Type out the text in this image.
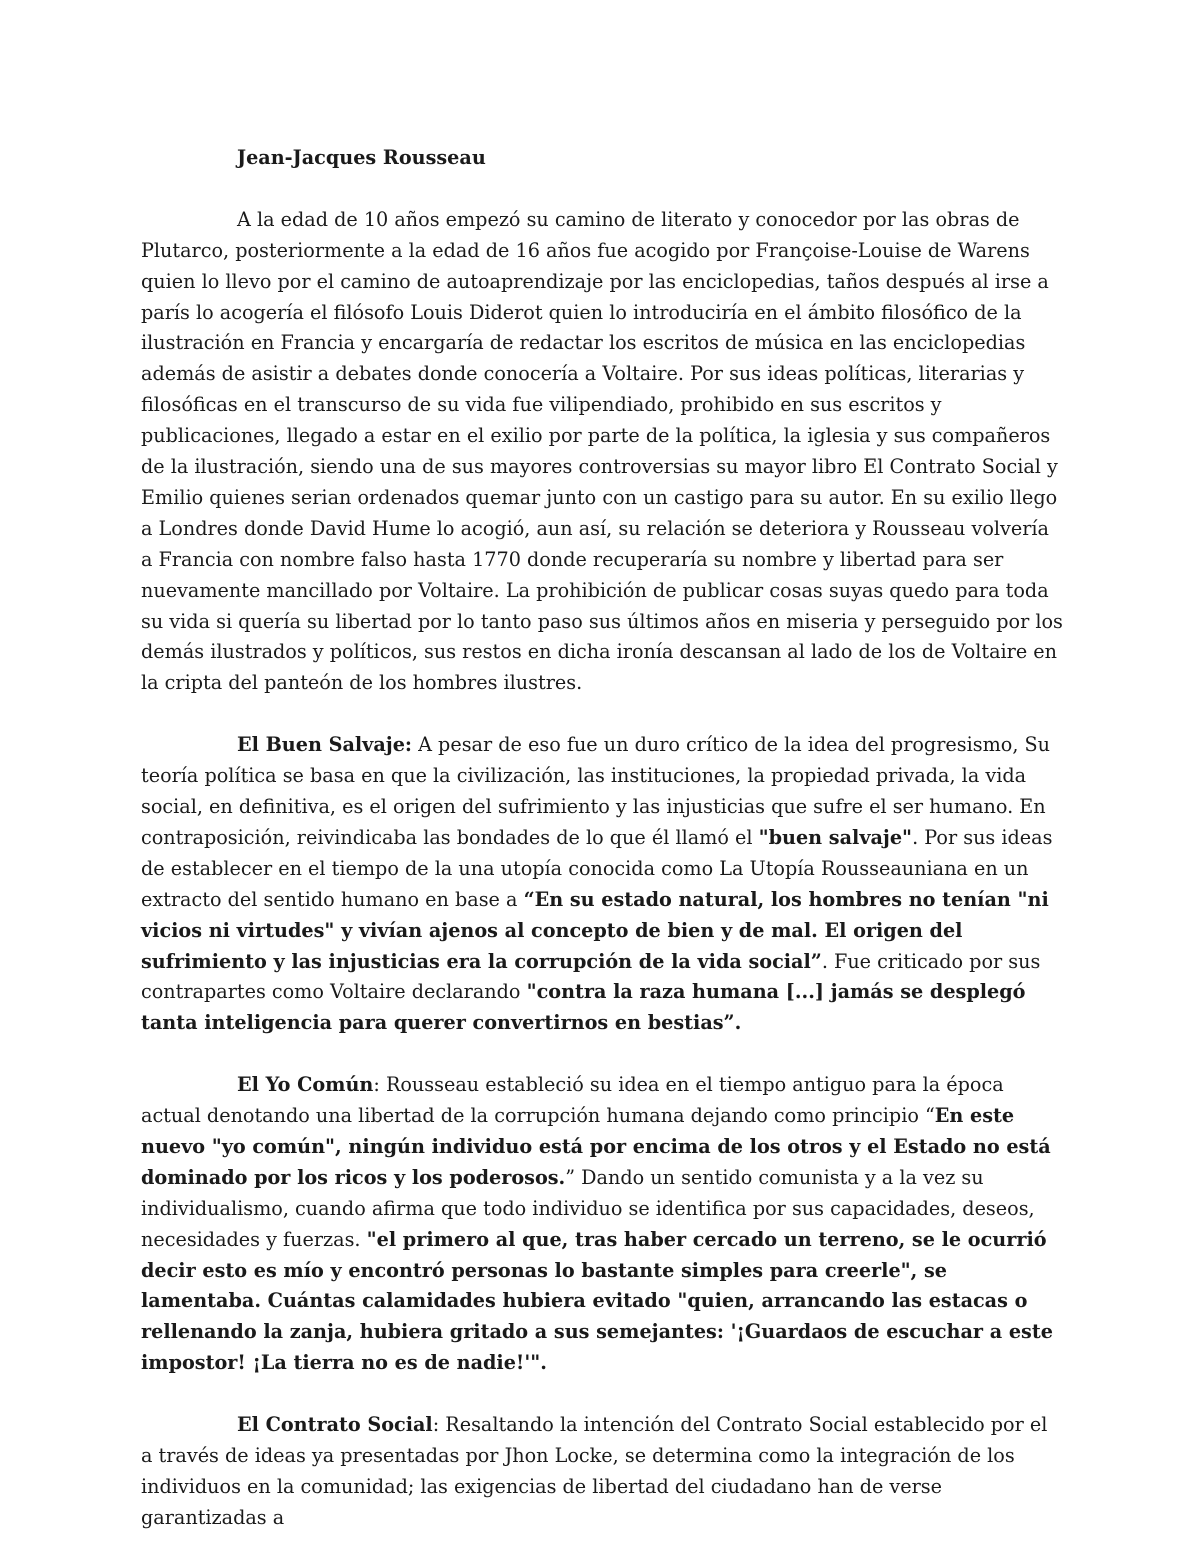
Jean-Jacques Rousseau

A la edad de 10 años empezó su camino de literato y conocedor por las obras de Plutarco, posteriormente a la edad de 16 años fue acogido por Françoise-Louise de Warens quien lo llevo por el camino de autoaprendizaje por las enciclopedias, taños después al irse a parís lo acogería el filósofo Louis Diderot quien lo introduciría en el ámbito filosófico de la ilustración en Francia y encargaría de redactar los escritos de música en las enciclopedias además de asistir a debates donde conocería a Voltaire. Por sus ideas políticas, literarias y filosóficas en el transcurso de su vida fue vilipendiado, prohibido en sus escritos y publicaciones, llegado a estar en el exilio por parte de la política, la iglesia y sus compañeros de la ilustración, siendo una de sus mayores controversias su mayor libro El Contrato Social y Emilio quienes serian ordenados quemar junto con un castigo para su autor. En su exilio llego a Londres donde David Hume lo acogió, aun así, su relación se deteriora y Rousseau volvería a Francia con nombre falso hasta 1770 donde recuperaría su nombre y libertad para ser nuevamente mancillado por Voltaire. La prohibición de publicar cosas suyas quedo para toda su vida si quería su libertad por lo tanto paso sus últimos años en miseria y perseguido por los demás ilustrados y políticos, sus restos en dicha ironía descansan al lado de los de Voltaire en la cripta del panteón de los hombres ilustres.

El Buen Salvaje: A pesar de eso fue un duro crítico de la idea del progresismo, Su teoría política se basa en que la civilización, las instituciones, la propiedad privada, la vida social, en definitiva, es el origen del sufrimiento y las injusticias que sufre el ser humano. En contraposición, reivindicaba las bondades de lo que él llamó el "buen salvaje". Por sus ideas de establecer en el tiempo de la una utopía conocida como La Utopía Rousseauniana en un extracto del sentido humano en base a “En su estado natural, los hombres no tenían "ni vicios ni virtudes" y vivían ajenos al concepto de bien y de mal. El origen del sufrimiento y las injusticias era la corrupción de la vida social”. Fue criticado por sus contrapartes como Voltaire declarando "contra la raza humana [...] jamás se desplegó tanta inteligencia para querer convertirnos en bestias”.

El Yo Común: Rousseau estableció su idea en el tiempo antiguo para la época actual denotando una libertad de la corrupción humana dejando como principio “En este nuevo "yo común", ningún individuo está por encima de los otros y el Estado no está dominado por los ricos y los poderosos.” Dando un sentido comunista y a la vez su individualismo, cuando afirma que todo individuo se identifica por sus capacidades, deseos, necesidades y fuerzas. "el primero al que, tras haber cercado un terreno, se le ocurrió decir esto es mío y encontró personas lo bastante simples para creerle", se lamentaba. Cuántas calamidades hubiera evitado "quien, arrancando las estacas o rellenando la zanja, hubiera gritado a sus semejantes: '¡Guardaos de escuchar a este impostor! ¡La tierra no es de nadie!'".

El Contrato Social: Resaltando la intención del Contrato Social establecido por el a través de ideas ya presentadas por Jhon Locke, se determina como la integración de los individuos en la comunidad; las exigencias de libertad del ciudadano han de verse garantizadas a
